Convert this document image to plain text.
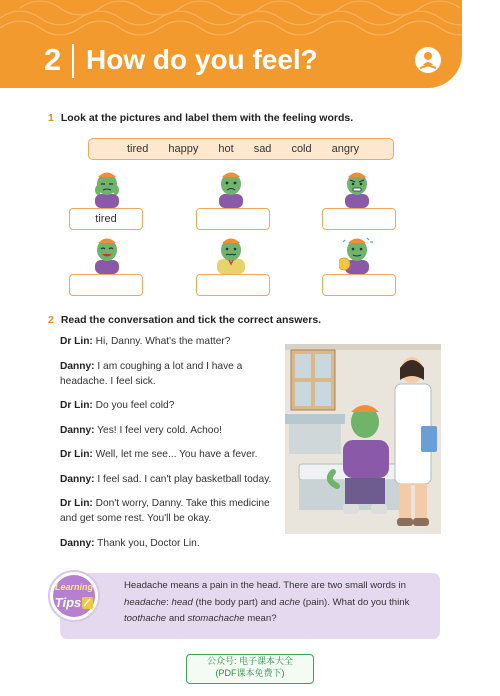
2 How do you feel?
1 Look at the pictures and label them with the feeling words.
tired happy hot sad cold angry
tired
2 Read the conversation and tick the correct answers.
Dr Lin: Hi, Danny. What's the matter?
Danny: I am coughing a lot and I have a headache. I feel sick.
Dr Lin: Do you feel cold?
Danny: Yes! I feel very cold. Achoo!
Dr Lin: Well, let me see... You have a fever.
Danny: I feel sad. I can't play basketball today.
Dr Lin: Don't worry, Danny. Take this medicine and get some rest. You'll be okay.
Danny: Thank you, Doctor Lin.
Learning
Tips
Headache means a pain in the head. There are two small words in headache: head (the body part) and ache (pain). What do you think toothache and stomachache mean?
公众号: 电子课本大全
(PDF课本免费下)
